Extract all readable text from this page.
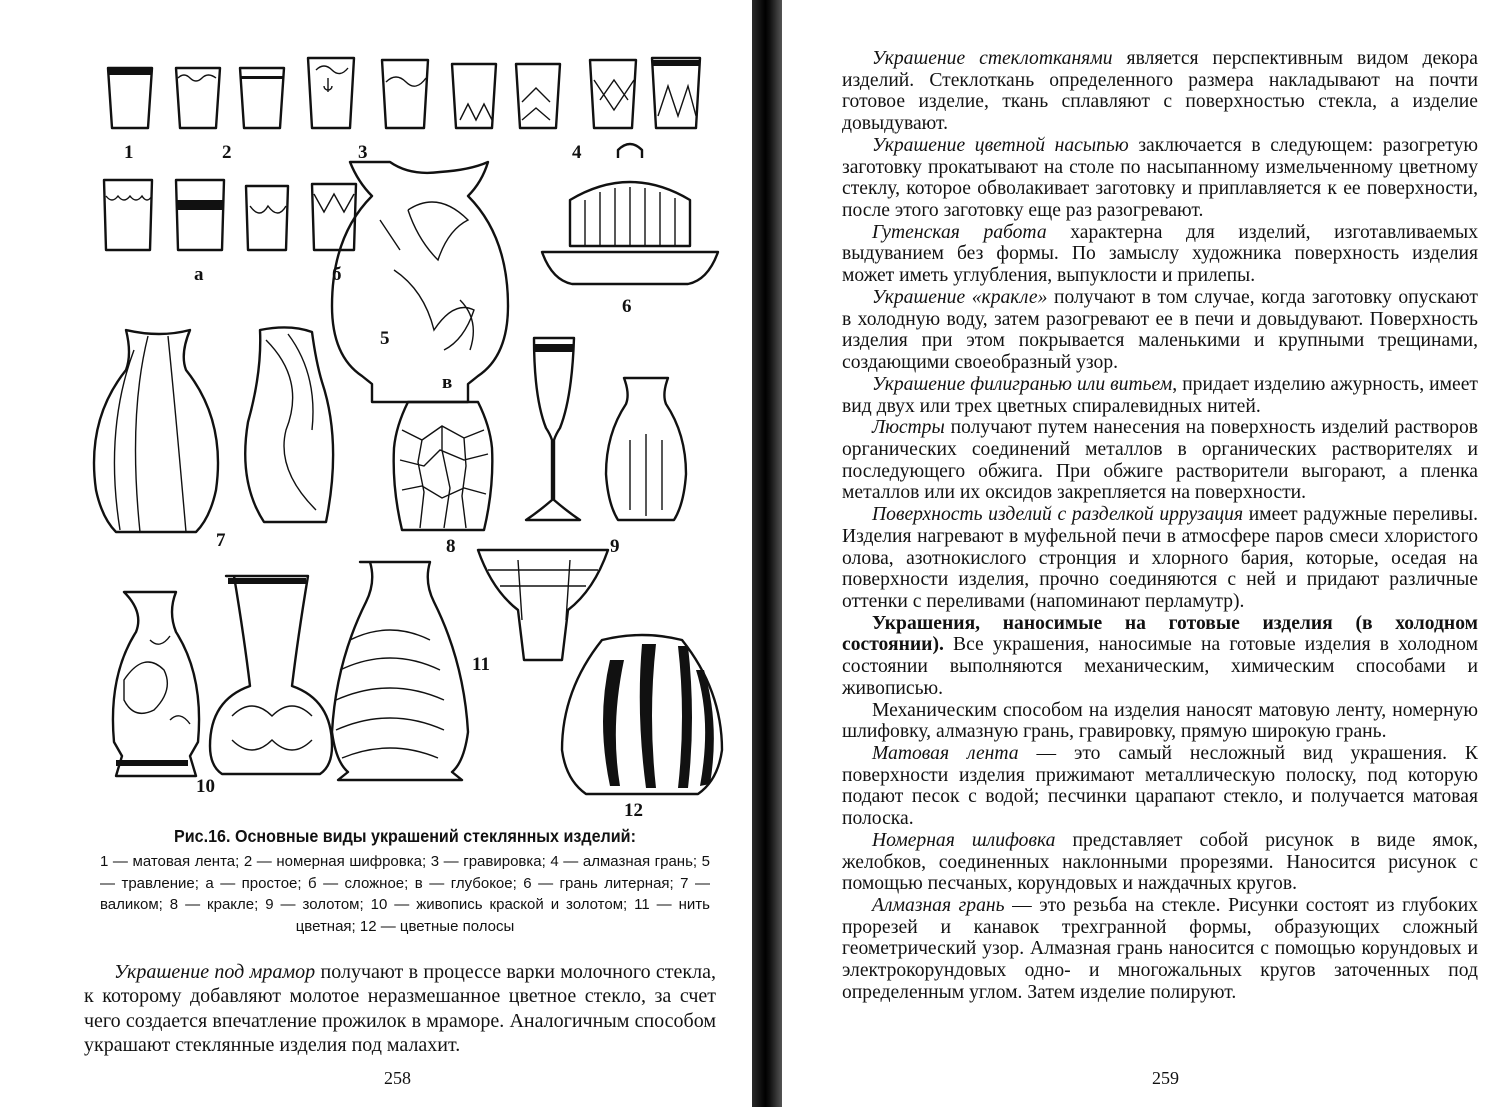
1	2	3	4
а	б
5
в
6
7	8	9
10
11
12
Рис.16. Основные виды украшений стеклянных изделий:
1 — матовая лента; 2 — номерная шифровка; 3 — гравировка; 4 — алмазная грань; 5 — травление; а — простое; б — сложное; в — глубокое; 6 — грань литерная; 7 — валиком; 8 — кракле; 9 — золотом; 10 — живопись краской и золотом; 11 — нить цветная; 12 — цветные полосы

Украшение под мрамор получают в процессе варки молочного стекла, к которому добавляют молотое неразмешанное цветное стекло, за счет чего создается впечатление прожилок в мраморе. Аналогичным способом украшают стеклянные изделия под малахит.

258

Украшение стеклотканями является перспективным видом декора изделий. Стеклоткань определенного размера накладывают на почти готовое изделие, ткань сплавляют с поверхностью стекла, а изделие довыдувают.

Украшение цветной насыпью заключается в следующем: разогретую заготовку прокатывают на столе по насыпанному измельченному цветному стеклу, которое обволакивает заготовку и приплавляется к ее поверхности, после этого заготовку еще раз разогревают.

Гутенская работа характерна для изделий, изготавливаемых выдуванием без формы. По замыслу художника поверхность изделия может иметь углубления, выпуклости и прилепы.

Украшение «кракле» получают в том случае, когда заготовку опускают в холодную воду, затем разогревают ее в печи и довыдувают. Поверхность изделия при этом покрывается маленькими и крупными трещинами, создающими своеобразный узор.

Украшение филигранью или витьем, придает изделию ажурность, имеет вид двух или трех цветных спиралевидных нитей.

Люстры получают путем нанесения на поверхность изделий растворов органических соединений металлов в органических растворителях и последующего обжига. При обжиге растворители выгорают, а пленка металлов или их оксидов закрепляется на поверхности.

Поверхность изделий с разделкой иррузация имеет радужные переливы. Изделия нагревают в муфельной печи в атмосфере паров смеси хлористого олова, азотнокислого стронция и хлорного бария, которые, оседая на поверхности изделия, прочно соединяются с ней и придают различные оттенки с переливами (напоминают перламутр).

Украшения, наносимые на готовые изделия (в холодном состоянии). Все украшения, наносимые на готовые изделия в холодном состоянии выполняются механическим, химическим способами и живописью.

Механическим способом на изделия наносят матовую ленту, номерную шлифовку, алмазную грань, гравировку, прямую широкую грань.

Матовая лента — это самый несложный вид украшения. К поверхности изделия прижимают металлическую полоску, под которую подают песок с водой; песчинки царапают стекло, и получается матовая полоска.

Номерная шлифовка представляет собой рисунок в виде ямок, желобков, соединенных наклонными прорезями. Наносится рисунок с помощью песчаных, корундовых и наждачных кругов.

Алмазная грань — это резьба на стекле. Рисунки состоят из глубоких прорезей и канавок трехгранной формы, образующих сложный геометрический узор. Алмазная грань наносится с помощью корундовых и электрокорундовых одно- и многожальных кругов заточенных под определенным углом. Затем изделие полируют.

259
